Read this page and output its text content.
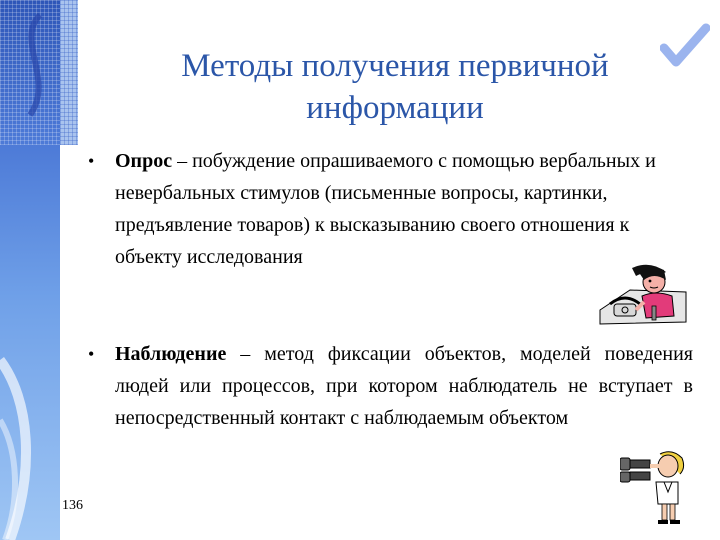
Методы получения первичной информации
• Опрос – побуждение опрашиваемого с помощью вербальных и невербальных стимулов (письменные вопросы, картинки, предъявление товаров) к высказыванию своего отношения к объекту исследования
• Наблюдение – метод фиксации объектов, моделей поведения людей или процессов, при котором наблюдатель не вступает в непосредственный контакт с наблюдаемым объектом
136
